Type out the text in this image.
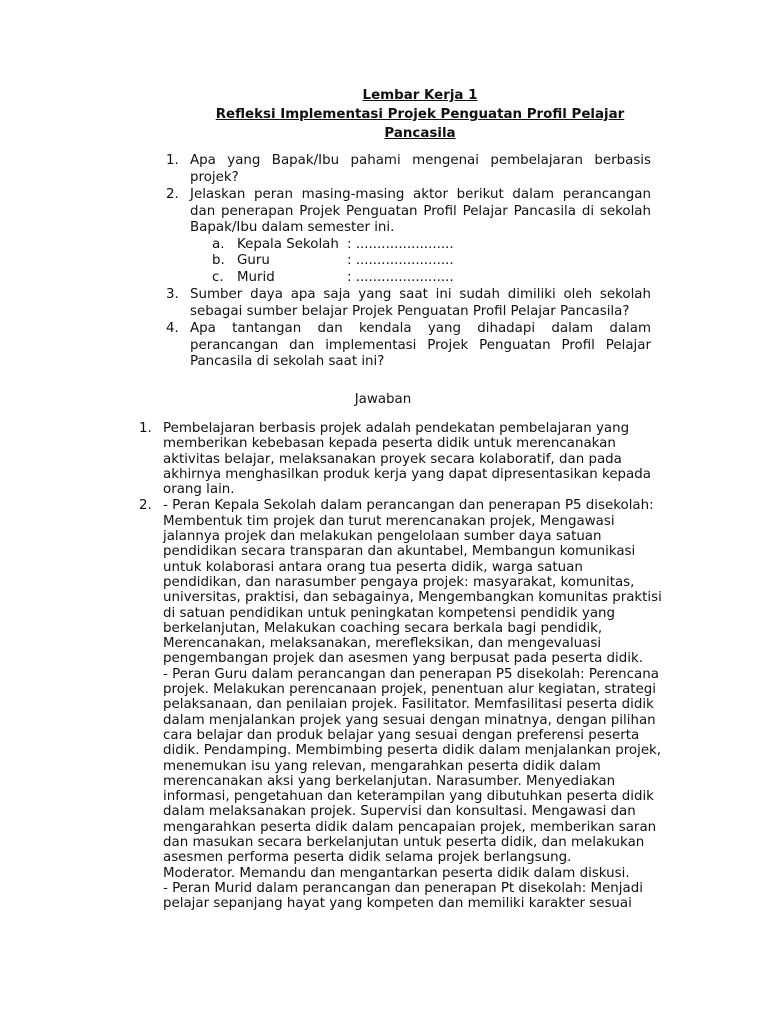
Lembar Kerja 1
Refleksi Implementasi Projek Penguatan Profil Pelajar
Pancasila
1. Apa yang Bapak/Ibu pahami mengenai pembelajaran berbasis projek?
2. Jelaskan peran masing-masing aktor berikut dalam perancangan dan penerapan Projek Penguatan Profil Pelajar Pancasila di sekolah Bapak/Ibu dalam semester ini.
a. Kepala Sekolah : .......................
b. Guru	: .......................
c. Murid	: .......................
3. Sumber daya apa saja yang saat ini sudah dimiliki oleh sekolah sebagai sumber belajar Projek Penguatan Profil Pelajar Pancasila?
4. Apa tantangan dan kendala yang dihadapi dalam dalam perancangan dan implementasi Projek Penguatan Profil Pelajar Pancasila di sekolah saat ini?
Jawaban
1. Pembelajaran berbasis projek adalah pendekatan pembelajaran yang memberikan kebebasan kepada peserta didik untuk merencanakan aktivitas belajar, melaksanakan proyek secara kolaboratif, dan pada akhirnya menghasilkan produk kerja yang dapat dipresentasikan kepada orang lain.
2. - Peran Kepala Sekolah dalam perancangan dan penerapan P5 disekolah: Membentuk tim projek dan turut merencanakan projek, Mengawasi jalannya projek dan melakukan pengelolaan sumber daya satuan pendidikan secara transparan dan akuntabel, Membangun komunikasi untuk kolaborasi antara orang tua peserta didik, warga satuan pendidikan, dan narasumber pengaya projek: masyarakat, komunitas, universitas, praktisi, dan sebagainya, Mengembangkan komunitas praktisi di satuan pendidikan untuk peningkatan kompetensi pendidik yang berkelanjutan, Melakukan coaching secara berkala bagi pendidik, Merencanakan, melaksanakan, merefleksikan, dan mengevaluasi pengembangan projek dan asesmen yang berpusat pada peserta didik.
- Peran Guru dalam perancangan dan penerapan P5 disekolah: Perencana projek. Melakukan perencanaan projek, penentuan alur kegiatan, strategi pelaksanaan, dan penilaian projek. Fasilitator. Memfasilitasi peserta didik dalam menjalankan projek yang sesuai dengan minatnya, dengan pilihan cara belajar dan produk belajar yang sesuai dengan preferensi peserta didik. Pendamping. Membimbing peserta didik dalam menjalankan projek, menemukan isu yang relevan, mengarahkan peserta didik dalam merencanakan aksi yang berkelanjutan. Narasumber. Menyediakan informasi, pengetahuan dan keterampilan yang dibutuhkan peserta didik dalam melaksanakan projek. Supervisi dan konsultasi. Mengawasi dan mengarahkan peserta didik dalam pencapaian projek, memberikan saran dan masukan secara berkelanjutan untuk peserta didik, dan melakukan asesmen performa peserta didik selama projek berlangsung.
Moderator. Memandu dan mengantarkan peserta didik dalam diskusi.
- Peran Murid dalam perancangan dan penerapan Pt disekolah: Menjadi pelajar sepanjang hayat yang kompeten dan memiliki karakter sesuai
